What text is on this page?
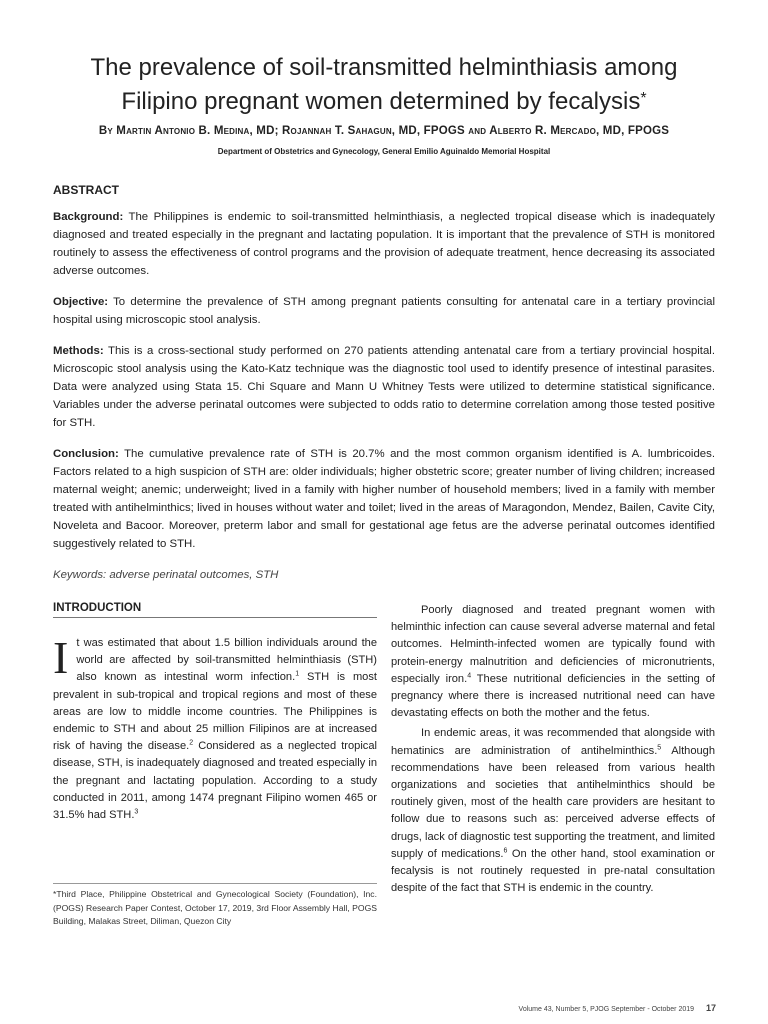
The prevalence of soil-transmitted helminthiasis among
Filipino pregnant women determined by fecalysis*
By Martin Antonio B. Medina, MD; Rojannah T. Sahagun, MD, FPOGS and Alberto R. Mercado, MD, FPOGS
Department of Obstetrics and Gynecology, General Emilio Aguinaldo Memorial Hospital
ABSTRACT

Background: The Philippines is endemic to soil-transmitted helminthiasis, a neglected tropical disease which is inadequately diagnosed and treated especially in the pregnant and lactating population. It is important that the prevalence of STH is monitored routinely to assess the effectiveness of control programs and the provision of adequate treatment, hence decreasing its associated adverse outcomes.

Objective: To determine the prevalence of STH among pregnant patients consulting for antenatal care in a tertiary provincial hospital using microscopic stool analysis.

Methods: This is a cross-sectional study performed on 270 patients attending antenatal care from a tertiary provincial hospital. Microscopic stool analysis using the Kato-Katz technique was the diagnostic tool used to identify presence of intestinal parasites. Data were analyzed using Stata 15. Chi Square and Mann U Whitney Tests were utilized to determine statistical significance. Variables under the adverse perinatal outcomes were subjected to odds ratio to determine correlation among those tested positive for STH.

Conclusion: The cumulative prevalence rate of STH is 20.7% and the most common organism identified is A. lumbricoides. Factors related to a high suspicion of STH are: older individuals; higher obstetric score; greater number of living children; increased maternal weight; anemic; underweight; lived in a family with higher number of household members; lived in a family with member treated with antihelminthics; lived in houses without water and toilet; lived in the areas of Maragondon, Mendez, Bailen, Cavite City, Noveleta and Bacoor. Moreover, preterm labor and small for gestational age fetus are the adverse perinatal outcomes identified suggestively related to STH.

Keywords: adverse perinatal outcomes, STH

INTRODUCTION
I t was estimated that about 1.5 billion individuals around the world are affected by soil-transmitted helminthiasis (STH) also known as intestinal worm infection.$^1$ STH is most prevalent in sub-tropical and tropical regions and most of these areas are low to middle income countries. The Philippines is endemic to STH and about 25 million Filipinos are at increased risk of having the disease.$^2$ Considered as a neglected tropical disease, STH, is inadequately diagnosed and treated especially in the pregnant and lactating population. According to a study conducted in 2011, among 1474 pregnant Filipino women 465 or 31.5% had STH.$^3$

*Third Place, Philippine Obstetrical and Gynecological Society (Foundation), Inc. (POGS) Research Paper Contest, October 17, 2019, 3rd Floor Assembly Hall, POGS Building, Malakas Street, Diliman, Quezon City

Poorly diagnosed and treated pregnant women with helminthic infection can cause several adverse maternal and fetal outcomes. Helminth-infected women are typically found with protein-energy malnutrition and deficiencies of micronutrients, especially iron.$^4$ These nutritional deficiencies in the setting of pregnancy where there is increased nutritional need can have devastating effects on both the mother and the fetus.

In endemic areas, it was recommended that alongside with hematinics are administration of antihelminthics.$^5$ Although recommendations have been released from various health organizations and societies that antihelminthics should be routinely given, most of the health care providers are hesitant to follow due to reasons such as: perceived adverse effects of drugs, lack of diagnostic test supporting the treatment, and limited supply of medications.$^6$ On the other hand, stool examination or fecalysis is not routinely requested in pre-natal consultation despite of the fact that STH is endemic in the country.

Volume 43, Number 5, PJOG September - October 2019 17
